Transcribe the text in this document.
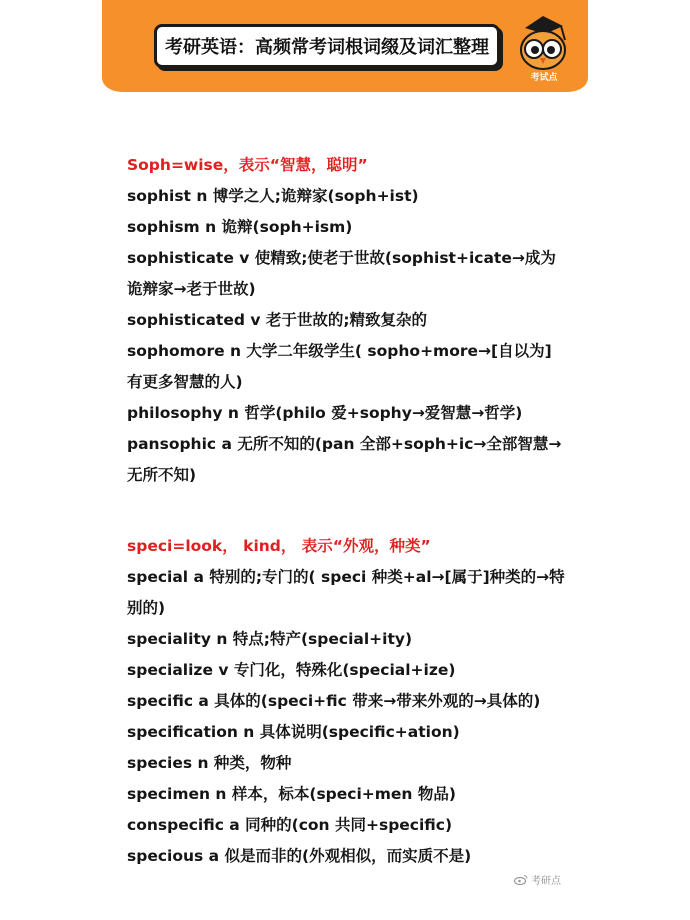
考研英语：高频常考词根词缀及词汇整理
考试点
Soph=wise，表示“智慧，聪明”
sophist n 博学之人;诡辩家(soph+ist)
sophism n 诡辩(soph+ism)
sophisticate v 使精致;使老于世故(sophist+icate→成为诡辩家→老于世故)
sophisticated v 老于世故的;精致复杂的
sophomore n 大学二年级学生( sopho+more→[自以为]有更多智慧的人)
philosophy n 哲学(philo 爱+sophy→爱智慧→哲学)
pansophic a 无所不知的(pan 全部+soph+ic→全部智慧→无所不知)
speci=look， kind， 表示“外观，种类”
special a 特别的;专门的( speci 种类+al→[属于]种类的→特别的)
speciality n 特点;特产(special+ity)
specialize v 专门化，特殊化(special+ize)
specific a 具体的(speci+fic 带来→带来外观的→具体的)
specification n 具体说明(specific+ation)
species n 种类，物种
specimen n 样本，标本(speci+men 物品)
conspecific a 同种的(con 共同+specific)
specious a 似是而非的(外观相似，而实质不是)
考研点
